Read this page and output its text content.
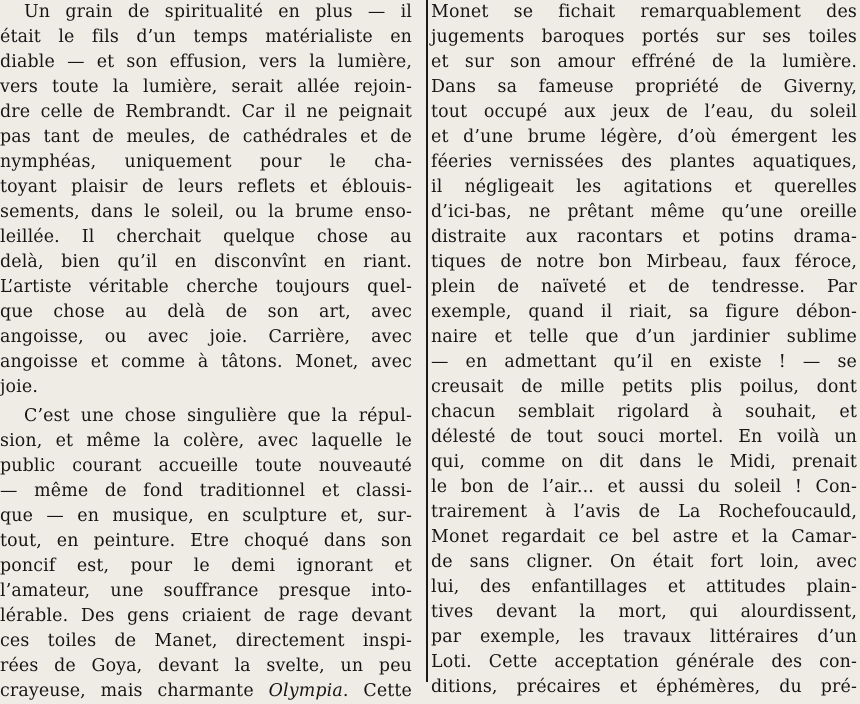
Un grain de spiritualité en plus — il
était le fils d’un temps matérialiste en
diable — et son effusion, vers la lumière,
vers toute la lumière, serait allée rejoin-
dre celle de Rembrandt. Car il ne peignait
pas tant de meules, de cathédrales et de
nymphéas, uniquement pour le cha-
toyant plaisir de leurs reflets et éblouis-
sements, dans le soleil, ou la brume enso-
leillée. Il cherchait quelque chose au
delà, bien qu’il en disconvînt en riant.
L’artiste véritable cherche toujours quel-
que chose au delà de son art, avec
angoisse, ou avec joie. Carrière, avec
angoisse et comme à tâtons. Monet, avec
joie.
C’est une chose singulière que la répul-
sion, et même la colère, avec laquelle le
public courant accueille toute nouveauté
— même de fond traditionnel et classi-
que — en musique, en sculpture et, sur-
tout, en peinture. Etre choqué dans son
poncif est, pour le demi ignorant et
l’amateur, une souffrance presque into-
lérable. Des gens criaient de rage devant
ces toiles de Manet, directement inspi-
rées de Goya, devant la svelte, un peu
crayeuse, mais charmante Olympia. Cette
Monet se fichait remarquablement des
jugements baroques portés sur ses toiles
et sur son amour effréné de la lumière.
Dans sa fameuse propriété de Giverny,
tout occupé aux jeux de l’eau, du soleil
et d’une brume légère, d’où émergent les
féeries vernissées des plantes aquatiques,
il négligeait les agitations et querelles
d’ici-bas, ne prêtant même qu’une oreille
distraite aux racontars et potins drama-
tiques de notre bon Mirbeau, faux féroce,
plein de naïveté et de tendresse. Par
exemple, quand il riait, sa figure débon-
naire et telle que d’un jardinier sublime
— en admettant qu’il en existe ! — se
creusait de mille petits plis poilus, dont
chacun semblait rigolard à souhait, et
délesté de tout souci mortel. En voilà un
qui, comme on dit dans le Midi, prenait
le bon de l’air... et aussi du soleil ! Con-
trairement à l’avis de La Rochefoucauld,
Monet regardait ce bel astre et la Camar-
de sans cligner. On était fort loin, avec
lui, des enfantillages et attitudes plain-
tives devant la mort, qui alourdissent,
par exemple, les travaux littéraires d’un
Loti. Cette acceptation générale des con-
ditions, précaires et éphémères, du pré-
